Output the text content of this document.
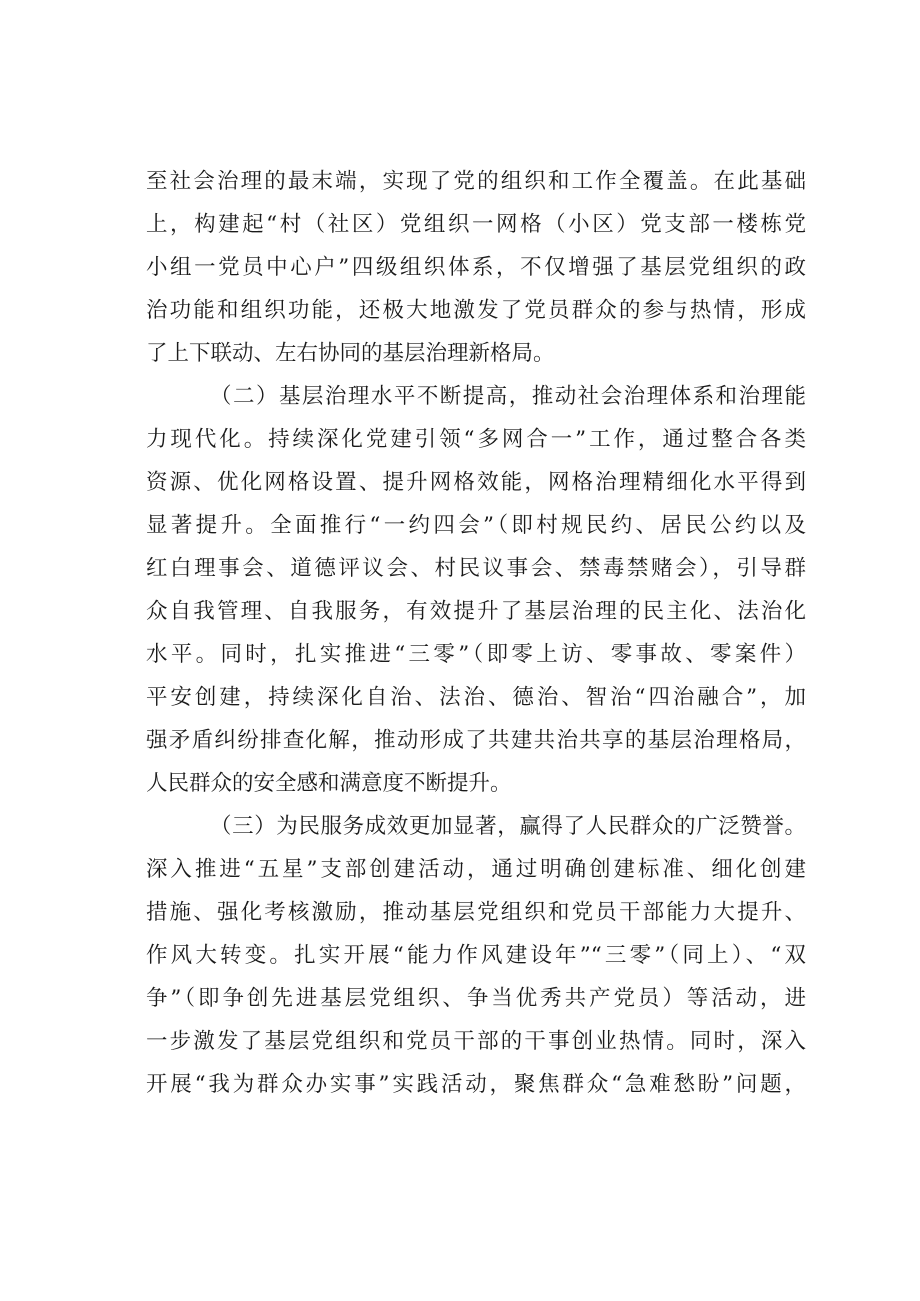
至社会治理的最末端，实现了党的组织和工作全覆盖。在此基础
上，构建起“村（社区）党组织一网格（小区）党支部一楼栋党
小组一党员中心户”四级组织体系，不仅增强了基层党组织的政
治功能和组织功能，还极大地激发了党员群众的参与热情，形成
了上下联动、左右协同的基层治理新格局。
（二）基层治理水平不断提高，推动社会治理体系和治理能
力现代化。持续深化党建引领“多网合一”工作，通过整合各类
资源、优化网格设置、提升网格效能，网格治理精细化水平得到
显著提升。全面推行“一约四会”（即村规民约、居民公约以及
红白理事会、道德评议会、村民议事会、禁毒禁赌会），引导群
众自我管理、自我服务，有效提升了基层治理的民主化、法治化
水平。同时，扎实推进“三零”（即零上访、零事故、零案件）
平安创建，持续深化自治、法治、德治、智治“四治融合”，加
强矛盾纠纷排查化解，推动形成了共建共治共享的基层治理格局，
人民群众的安全感和满意度不断提升。
（三）为民服务成效更加显著，赢得了人民群众的广泛赞誉。
深入推进“五星”支部创建活动，通过明确创建标准、细化创建
措施、强化考核激励，推动基层党组织和党员干部能力大提升、
作风大转变。扎实开展“能力作风建设年”“三零”（同上）、“双
争”（即争创先进基层党组织、争当优秀共产党员）等活动，进
一步激发了基层党组织和党员干部的干事创业热情。同时，深入
开展“我为群众办实事”实践活动，聚焦群众“急难愁盼”问题，
